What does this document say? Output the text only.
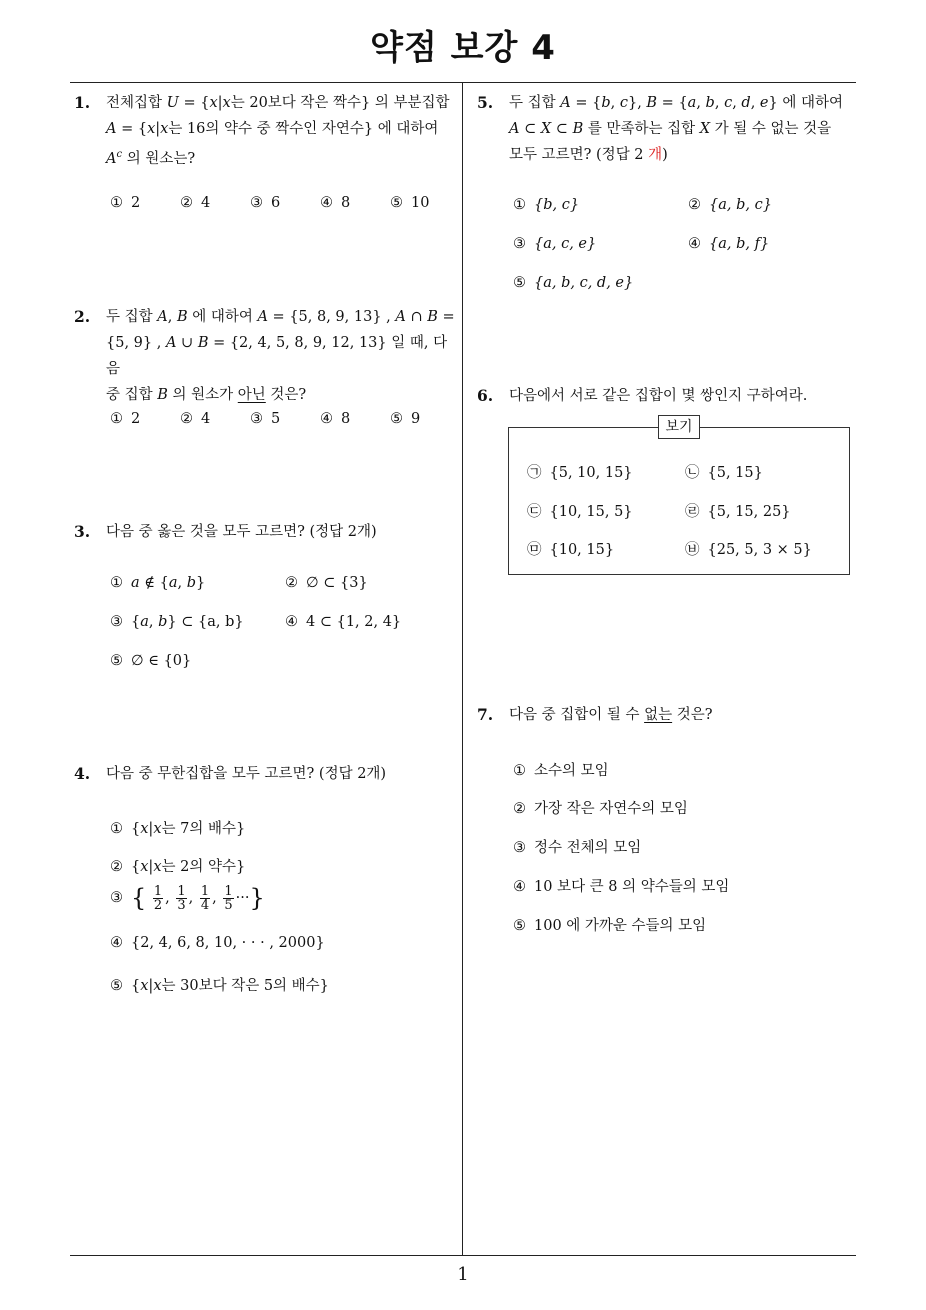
약점 보강 4
1
1. 전체집합 U = {x|x는 20보다 작은 짝수} 의 부분집합
A = {x|x는 16의 약수 중 짝수인 자연수} 에 대하여
$A^c$ 의 원소는?
① 2	② 4	③ 6	④ 8	⑤ 10
2. 두 집합 A, B 에 대하여 A = {5, 8, 9, 13} , A ∩ B =
{5, 9} , A ∪ B = {2, 4, 5, 8, 9, 12, 13} 일 때, 다음
중 집합 B 의 원소가 아닌 것은?
① 2	② 4	③ 5	④ 8	⑤ 9
3. 다음 중 옳은 것을 모두 고르면? (정답 2개)
① a ∉ {a, b}	② ∅ ⊂ {3}
③ {a, b} ⊂ {a, b}	④ 4 ⊂ {1, 2, 4}
⑤ ∅ ∈ {0}
4. 다음 중 무한집합을 모두 고르면? (정답 2개)
① {x|x는 7의 배수}
② {x|x는 2의 약수}
③ { $\frac{1}{2}$ , $\frac{1}{3}$ , $\frac{1}{4}$ , $\frac{1}{5}$ ···}
④ {2, 4, 6, 8, 10, · · · , 2000}
⑤ {x|x는 30보다 작은 5의 배수}
5. 두 집합 A = {b, c}, B = {a, b, c, d, e} 에 대하여
A ⊂ X ⊂ B 를 만족하는 집합 X 가 될 수 없는 것을
모두 고르면? (정답 2 개)
① {b, c}	② {a, b, c}
③ {a, c, e}	④ {a, b, f}
⑤ {a, b, c, d, e}
6. 다음에서 서로 같은 집합이 몇 쌍인지 구하여라.
보기
㉠ {5, 10, 15}	㉡ {5, 15}
㉢ {10, 15, 5}	㉣ {5, 15, 25}
㉤ {10, 15}	㉥ {25, 5, 3 × 5}
7. 다음 중 집합이 될 수 없는 것은?
① 소수의 모임
② 가장 작은 자연수의 모임
③ 정수 전체의 모임
④ 10 보다 큰 8 의 약수들의 모임
⑤ 100 에 가까운 수들의 모임
